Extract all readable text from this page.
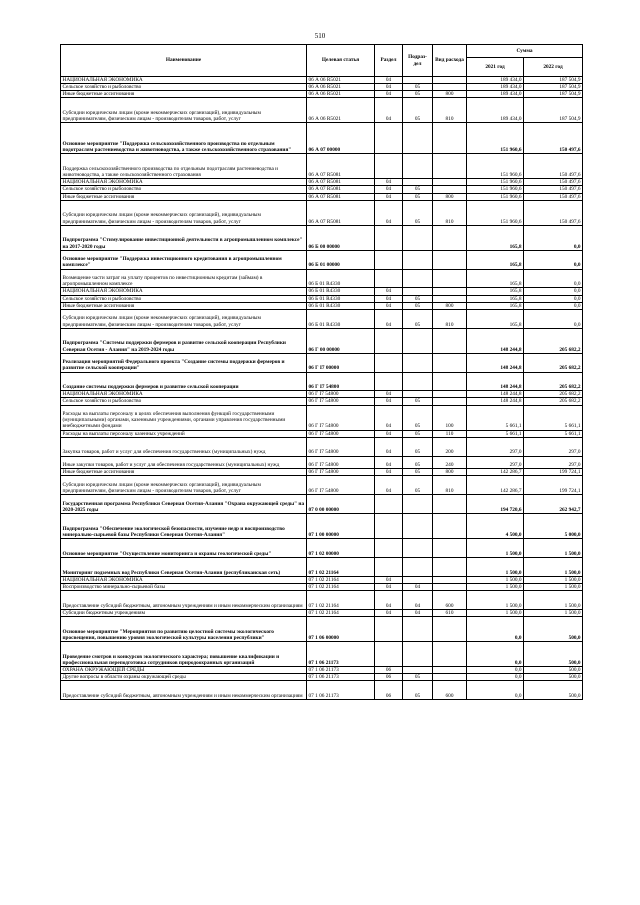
510
Наименование	Целевая статья	Раздел	Подраз-дел	Вид расхода	Сумма	
					2021 год	2022 год
НАЦИОНАЛЬНАЯ ЭКОНОМИКА	06 А 06 R5021	04			189 434,0	187 504,9
Сельское хозяйство и рыболовство	06 А 06 R5021	04	05		189 434,0	187 504,9
Иные бюджетные ассигнования	06 А 06 R5021	04	05	800	189 434,0	187 504,9
Субсидии юридическим лицам (кроме некоммерческих организаций), индивидуальным предпринимателям, физическим лицам - производителям товаров, работ, услуг	06 А 06 R5021	04	05	810	189 434,0	187 504,9
Основное мероприятие "Поддержка сельскохозяйственного производства по отдельным подотраслям растениеводства и животноводства, а также сельскохозяйственного страхования"	06 А 07 00000				151 960,6	150 497,6
Поддержка сельскохозяйственного производства по отдельным подотраслям растениеводства и животноводства, а также сельскохозяйственного страхования	06 А 07 R5081				151 960,6	150 497,6
НАЦИОНАЛЬНАЯ ЭКОНОМИКА	06 А 07 R5081	04			151 960,6	150 497,6
Сельское хозяйство и рыболовство	06 А 07 R5081	04	05		151 960,6	150 497,6
Иные бюджетные ассигнования	06 А 07 R5081	04	05	800	151 960,6	150 497,6
Субсидии юридическим лицам (кроме некоммерческих организаций), индивидуальным предпринимателям, физическим лицам - производителям товаров, работ, услуг	06 А 07 R5081	04	05	810	151 960,6	150 497,6
Подпрограмма "Стимулирование инвестиционной деятельности в агропромышленном комплексе" на 2017-2020 годы	06 Б 00 00000				165,8	0,0
Основное мероприятие "Поддержка инвестиционного кредитования в агропромышленном комплексе"	06 Б 01 00000				165,8	0,0
Возмещение части затрат на уплату процентов по инвестиционным кредитам (займам) в агропромышленном комплексе	06 Б 01 R4330				165,8	0,0
НАЦИОНАЛЬНАЯ ЭКОНОМИКА	06 Б 01 R4330	04			165,8	0,0
Сельское хозяйство и рыболовство	06 Б 01 R4330	04	05		165,8	0,0
Иные бюджетные ассигнования	06 Б 01 R4330	04	05	800	165,8	0,0
Субсидии юридическим лицам (кроме некоммерческих организаций), индивидуальным предпринимателям, физическим лицам - производителям товаров, работ, услуг	06 Б 01 R4330	04	05	810	165,8	0,0
Подпрограмма "Системы поддержки фермеров и развитие сельской кооперации Республики Северная Осетия - Алания" на 2019-2024 годы	06 Г 00 00000				148 244,8	205 682,2
Реализация мероприятий Федерального проекта "Создание системы поддержки фермеров и развитие сельской кооперации"	06 Г I7 00000				148 244,8	205 682,2
Создание системы поддержки фермеров и развитие сельской кооперации	06 Г I7 54800				148 244,8	205 682,2
НАЦИОНАЛЬНАЯ ЭКОНОМИКА	06 Г I7 54800	04			148 244,8	205 682,2
Сельское хозяйство и рыболовство	06 Г I7 54800	04	05		148 244,8	205 682,2
Расходы на выплаты персоналу в целях обеспечения выполнения функций государственными (муниципальными) органами, казенными учреждениями, органами управления государственными внебюджетными фондами	06 Г I7 54800	04	05	100	5 661,1	5 661,1
Расходы на выплаты персоналу казенных учреждений	06 Г I7 54800	04	05	110	5 661,1	5 661,1
Закупка товаров, работ и услуг для обеспечения государственных (муниципальных) нужд	06 Г I7 54800	04	05	200	297,0	297,0
Иные закупки товаров, работ и услуг для обеспечения государственных (муниципальных) нужд	06 Г I7 54800	04	05	240	297,0	297,0
Иные бюджетные ассигнования	06 Г I7 54800	04	05	800	142 286,7	199 724,1
Субсидии юридическим лицам (кроме некоммерческих организаций), индивидуальным предпринимателям, физическим лицам - производителям товаров, работ, услуг	06 Г I7 54800	04	05	810	142 286,7	199 724,1
Государственная программа Республики Северная Осетия-Алания "Охрана окружающей среды" на 2020-2025 годы	07 0 00 00000				194 720,6	262 942,7
Подпрограмма "Обеспечение экологической безопасности, изучение недр и воспроизводство минерально-сырьевой базы Республики Северная Осетия-Алания"	07 1 00 00000				4 500,0	5 000,0
Основное мероприятие "Осуществление мониторинга и охраны геологической среды"	07 1 02 00000				1 500,0	1 500,0
Мониторинг подземных вод Республики Северная Осетия-Алания (республиканская сеть)	07 1 02 21164				1 500,0	1 500,0
НАЦИОНАЛЬНАЯ ЭКОНОМИКА	07 1 02 21164	04			1 500,0	1 500,0
Воспроизводство минерально-сырьевой базы	07 1 02 21164	04	04		1 500,0	1 500,0
Предоставление субсидий бюджетным, автономным учреждениям и иным некоммерческим организациям	07 1 02 21164	04	04	600	1 500,0	1 500,0
Субсидии бюджетным учреждениям	07 1 02 21164	04	04	610	1 500,0	1 500,0
Основное мероприятие "Мероприятия по развитию целостной системы экологического просвещения, повышению уровня экологической культуры населения республики"	07 1 06 00000				0,0	500,0
Проведение смотров и конкурсов экологического характера; повышение квалификации и профессиональная переподготовка сотрудников природоохранных организаций	07 1 06 21173				0,0	500,0
ОХРАНА ОКРУЖАЮЩЕЙ СРЕДЫ	07 1 06 21173	06			0,0	500,0
Другие вопросы в области охраны окружающей среды	07 1 06 21173	06	05		0,0	500,0
Предоставление субсидий бюджетным, автономным учреждениям и иным некоммерческим организациям	07 1 06 21173	06	05	600	0,0	500,0
